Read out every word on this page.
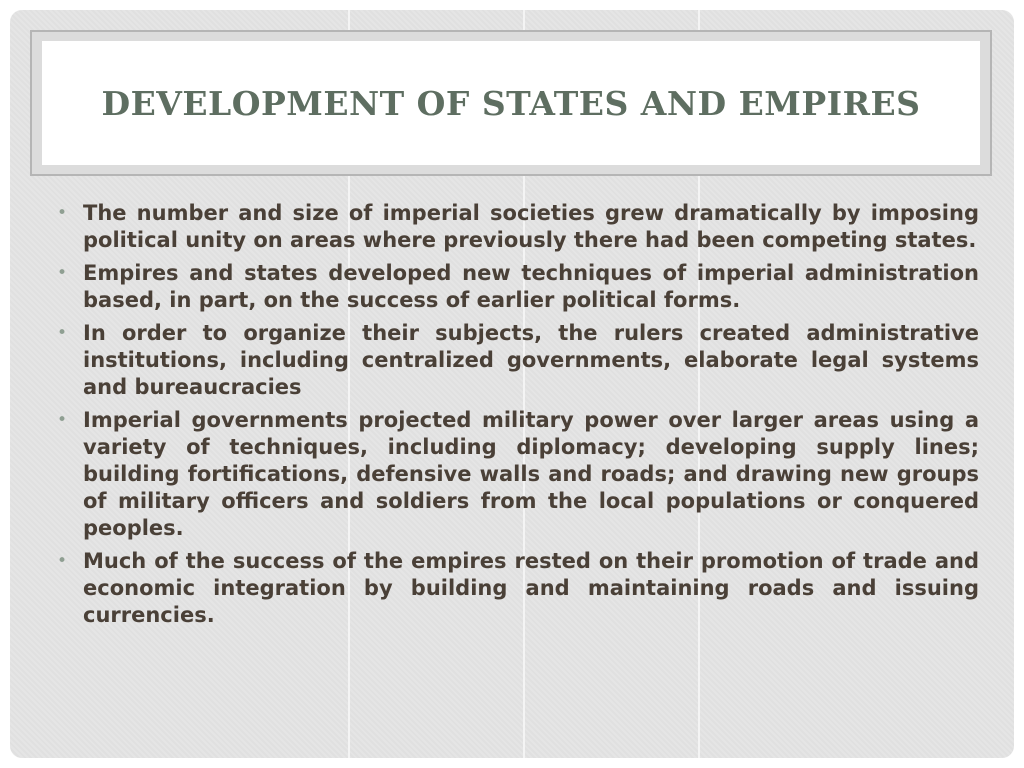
DEVELOPMENT OF STATES AND EMPIRES
• The number and size of imperial societies grew dramatically by imposing political unity on areas where previously there had been competing states.
• Empires and states developed new techniques of imperial administration based, in part, on the success of earlier political forms.
• In order to organize their subjects, the rulers created administrative institutions, including centralized governments, elaborate legal systems and bureaucracies
• Imperial governments projected military power over larger areas using a variety of techniques, including diplomacy; developing supply lines; building fortifications, defensive walls and roads; and drawing new groups of military officers and soldiers from the local populations or conquered peoples.
• Much of the success of the empires rested on their promotion of trade and economic integration by building and maintaining roads and issuing currencies.
